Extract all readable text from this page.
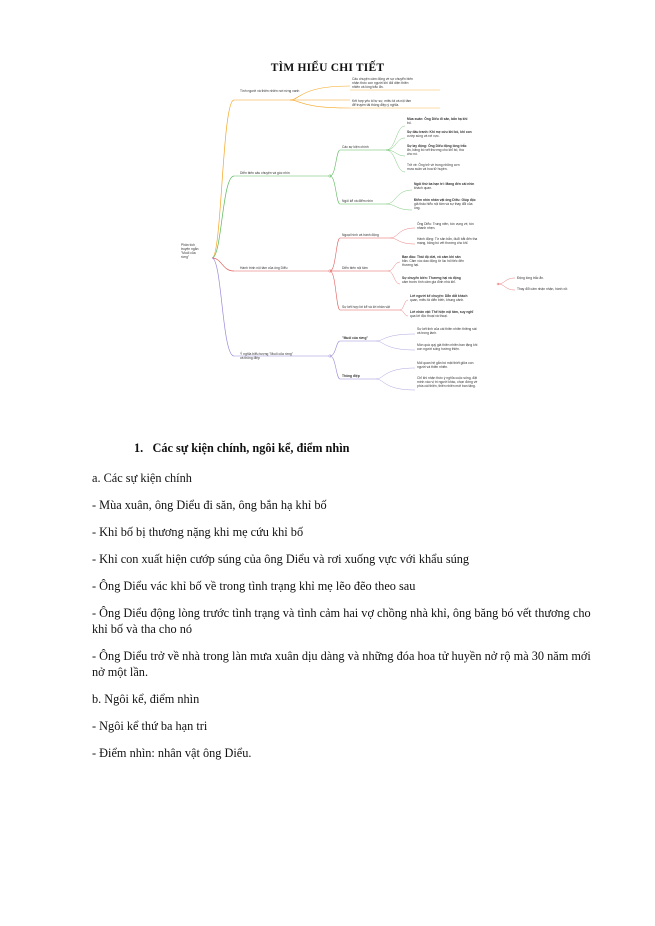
TÌM HIỂU CHI TIẾT
Phân tích
truyện ngắn
"Muối của
rừng"
Tình người và thiên nhiên nơi rừng xanh
Câu chuyện cảm động về sự chuyển biến
nhận thức con người khi đối diện thiên
nhiên và lòng trắc ẩn.
Kết hợp yếu tố tự sự, miêu tả và nội tâm
để truyền tải thông điệp ý nghĩa.
Diễn biến câu chuyện và góc nhìn
Các sự kiện chính
Ngôi kể và điểm nhìn
Mùa xuân: Ông Diểu đi săn, bắn hạ khỉ
bố.
Sự đấu tranh: Khỉ mẹ cứu khỉ bố, khỉ con
cướp súng và rơi vực.
Sự lay động: Ông Diểu động lòng trắc
ẩn, băng bó vết thương cho khỉ bố, tha
cho nó.
Trở về: Ông trở về trong những cơn
mưa xuân và hoa tử huyền.
Ngôi thứ ba hạn tri: Mang đến cái nhìn
khách quan.
Điểm nhìn nhân vật ông Diểu: Giúp độc
giả thấu hiểu nội tâm và sự thay đổi của
ông.
Hành trình nội tâm của ông Diểu
Ngoại hình và hành động
Diễn biến nội tâm
Sự kết hợp lời kể và lời nhân vật
Ông Diểu: Trung niên, tức vụng về, tức
nhanh nhẹn.
Hành động: Từ săn bắn, đuổi bắt đến tha
mạng, băng bó vết thương cho khỉ.
Ban đầu: Thái độ dứt, vô cảm khi săn
bắn. Cảm xúc dao động từ lúc hối tiếc đến
thương hại.
Sự chuyển biến: Thương hại và động
cảm trước tình cảm gia đình nhà khỉ.
Động lòng trắc ẩn.
Thay đổi cảm nhận nhận, hành xử.
Lời người kể chuyện: Dẫn dắt khách
quan, miêu tả diễn biến, khung cảnh.
Lời nhân vật: Thể hiện nội tâm, suy nghĩ
qua lời độc thoại và thoại.
Ý nghĩa biểu tượng "Muối của rừng"
và thông điệp
"Muối của rừng"
Thông điệp
Sự kết tinh của cái thiên nhiên thiêng sát
và trong lành.
Món quà quý giá thiên nhiên ban tặng khi
con người sống hướng thiện.
Mối quan hệ gắn bó mật thiết giữa con
người và thiên nhiên.
Chỉ khi nhận thức ý nghĩa cuộc sống, đặt
mình vào vị trí người khác, chọn đứng về
phía cái thiện, thiên nhiên mới ban tặng.
1. Các sự kiện chính, ngôi kể, điểm nhìn

a. Các sự kiện chính

- Mùa xuân, ông Diểu đi săn, ông bắn hạ khỉ bố

- Khỉ bố bị thương nặng khi mẹ cứu khỉ bố

- Khỉ con xuất hiện cướp súng của ông Diểu và rơi xuống vực với khẩu súng

- Ông Diểu vác khỉ bố về trong tình trạng khỉ mẹ lẽo đẽo theo sau

- Ông Diểu động lòng trước tình trạng và tình cảm hai vợ chồng nhà khỉ, ông băng bó vết thương cho khỉ bố và tha cho nó

- Ông Diểu trở về nhà trong làn mưa xuân dịu dàng và những đóa hoa tử huyền nở rộ mà 30 năm mới nở một lần.

b. Ngôi kể, điểm nhìn

- Ngôi kể thứ ba hạn tri

- Điểm nhìn: nhân vật ông Diểu.
